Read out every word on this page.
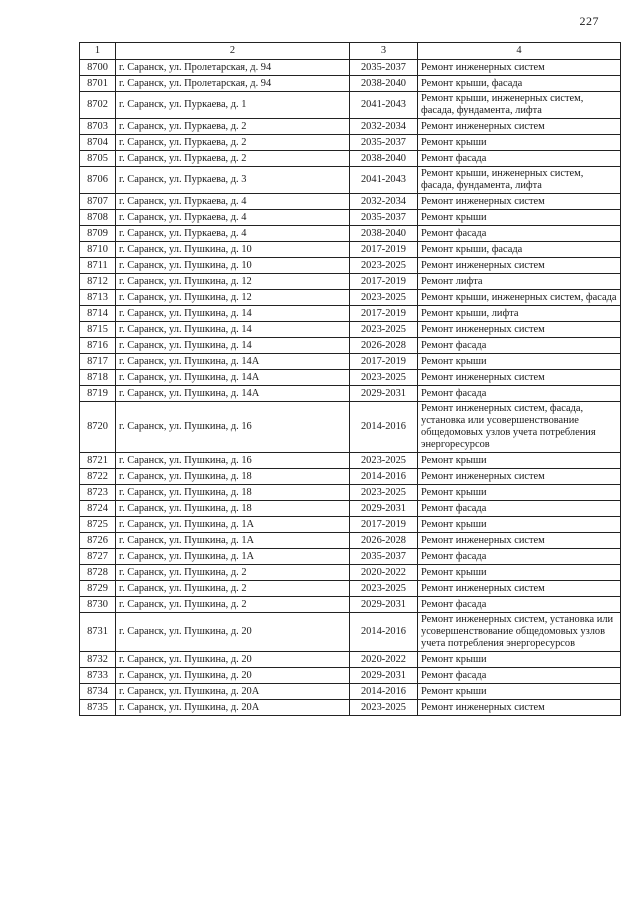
227
1	2	3	4
8700	г. Саранск, ул. Пролетарская, д. 94	2035-2037	Ремонт инженерных систем
8701	г. Саранск, ул. Пролетарская, д. 94	2038-2040	Ремонт крыши, фасада
8702	г. Саранск, ул. Пуркаева, д. 1	2041-2043	Ремонт крыши, инженерных систем, фасада, фундамента, лифта
8703	г. Саранск, ул. Пуркаева, д. 2	2032-2034	Ремонт инженерных систем
8704	г. Саранск, ул. Пуркаева, д. 2	2035-2037	Ремонт крыши
8705	г. Саранск, ул. Пуркаева, д. 2	2038-2040	Ремонт фасада
8706	г. Саранск, ул. Пуркаева, д. 3	2041-2043	Ремонт крыши, инженерных систем, фасада, фундамента, лифта
8707	г. Саранск, ул. Пуркаева, д. 4	2032-2034	Ремонт инженерных систем
8708	г. Саранск, ул. Пуркаева, д. 4	2035-2037	Ремонт крыши
8709	г. Саранск, ул. Пуркаева, д. 4	2038-2040	Ремонт фасада
8710	г. Саранск, ул. Пушкина, д. 10	2017-2019	Ремонт крыши, фасада
8711	г. Саранск, ул. Пушкина, д. 10	2023-2025	Ремонт инженерных систем
8712	г. Саранск, ул. Пушкина, д. 12	2017-2019	Ремонт лифта
8713	г. Саранск, ул. Пушкина, д. 12	2023-2025	Ремонт крыши, инженерных систем, фасада
8714	г. Саранск, ул. Пушкина, д. 14	2017-2019	Ремонт крыши, лифта
8715	г. Саранск, ул. Пушкина, д. 14	2023-2025	Ремонт инженерных систем
8716	г. Саранск, ул. Пушкина, д. 14	2026-2028	Ремонт фасада
8717	г. Саранск, ул. Пушкина, д. 14А	2017-2019	Ремонт крыши
8718	г. Саранск, ул. Пушкина, д. 14А	2023-2025	Ремонт инженерных систем
8719	г. Саранск, ул. Пушкина, д. 14А	2029-2031	Ремонт фасада
8720	г. Саранск, ул. Пушкина, д. 16	2014-2016	Ремонт инженерных систем, фасада, установка или усовершенствование общедомовых узлов учета потребления энергоресурсов
8721	г. Саранск, ул. Пушкина, д. 16	2023-2025	Ремонт крыши
8722	г. Саранск, ул. Пушкина, д. 18	2014-2016	Ремонт инженерных систем
8723	г. Саранск, ул. Пушкина, д. 18	2023-2025	Ремонт крыши
8724	г. Саранск, ул. Пушкина, д. 18	2029-2031	Ремонт фасада
8725	г. Саранск, ул. Пушкина, д. 1А	2017-2019	Ремонт крыши
8726	г. Саранск, ул. Пушкина, д. 1А	2026-2028	Ремонт инженерных систем
8727	г. Саранск, ул. Пушкина, д. 1А	2035-2037	Ремонт фасада
8728	г. Саранск, ул. Пушкина, д. 2	2020-2022	Ремонт крыши
8729	г. Саранск, ул. Пушкина, д. 2	2023-2025	Ремонт инженерных систем
8730	г. Саранск, ул. Пушкина, д. 2	2029-2031	Ремонт фасада
8731	г. Саранск, ул. Пушкина, д. 20	2014-2016	Ремонт инженерных систем, установка или усовершенствование общедомовых узлов учета потребления энергоресурсов
8732	г. Саранск, ул. Пушкина, д. 20	2020-2022	Ремонт крыши
8733	г. Саранск, ул. Пушкина, д. 20	2029-2031	Ремонт фасада
8734	г. Саранск, ул. Пушкина, д. 20А	2014-2016	Ремонт крыши
8735	г. Саранск, ул. Пушкина, д. 20А	2023-2025	Ремонт инженерных систем
